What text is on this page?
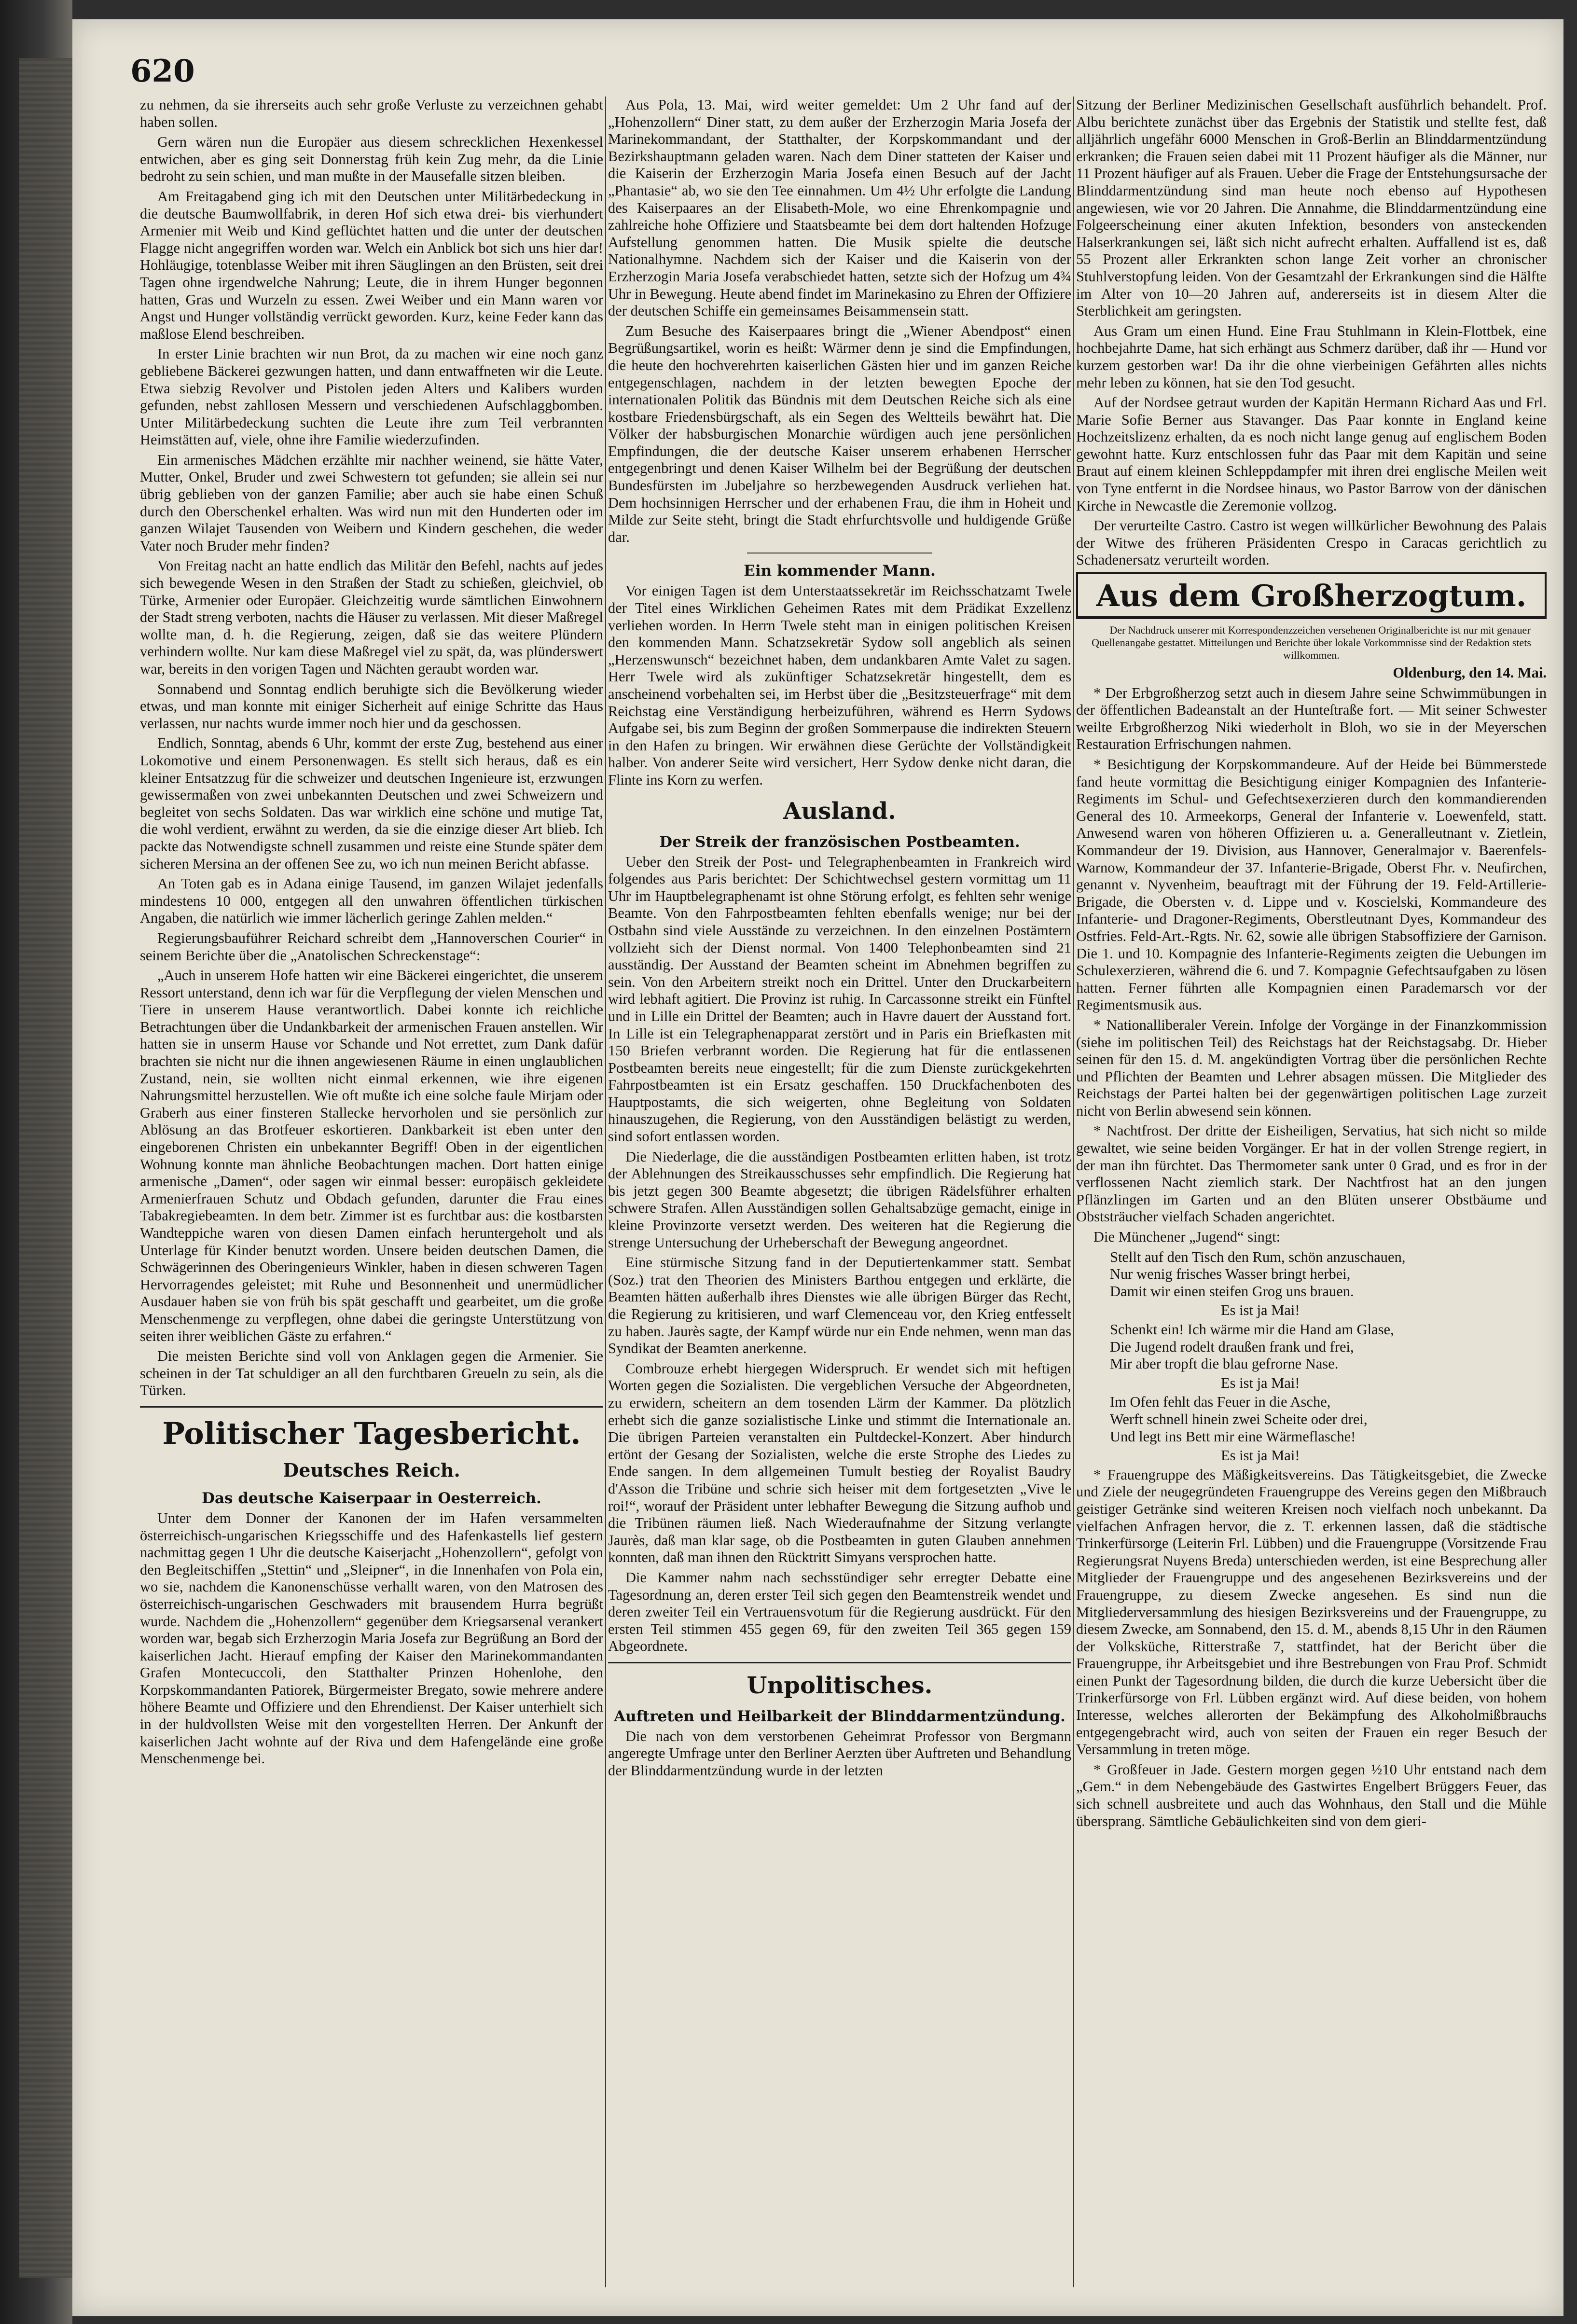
620

zu nehmen, da sie ihrerseits auch sehr große Verluste zu verzeichnen gehabt haben sollen.

Gern wären nun die Europäer aus diesem schrecklichen Hexenkessel entwichen, aber es ging seit Donnerstag früh kein Zug mehr, da die Linie bedroht zu sein schien, und man mußte in der Mausefalle sitzen bleiben.

Am Freitagabend ging ich mit den Deutschen unter Militärbedeckung in die deutsche Baumwollfabrik, in deren Hof sich etwa drei- bis vierhundert Armenier mit Weib und Kind geflüchtet hatten und die unter der deutschen Flagge nicht angegriffen worden war. Welch ein Anblick bot sich uns hier dar! Hohläugige, totenblasse Weiber mit ihren Säuglingen an den Brüsten, seit drei Tagen ohne irgendwelche Nahrung; Leute, die in ihrem Hunger begonnen hatten, Gras und Wurzeln zu essen. Zwei Weiber und ein Mann waren vor Angst und Hunger vollständig verrückt geworden. Kurz, keine Feder kann das maßlose Elend beschreiben.

In erster Linie brachten wir nun Brot, da zu machen wir eine noch ganz gebliebene Bäckerei gezwungen hatten, und dann entwaffneten wir die Leute. Etwa siebzig Revolver und Pistolen jeden Alters und Kalibers wurden gefunden, nebst zahllosen Messern und verschiedenen Aufschlaggbomben. Unter Militärbedeckung suchten die Leute ihre zum Teil verbrannten Heimstätten auf, viele, ohne ihre Familie wiederzufinden.

Ein armenisches Mädchen erzählte mir nachher weinend, sie hätte Vater, Mutter, Onkel, Bruder und zwei Schwestern tot gefunden; sie allein sei nur übrig geblieben von der ganzen Familie; aber auch sie habe einen Schuß durch den Oberschenkel erhalten. Was wird nun mit den Hunderten oder im ganzen Wilajet Tausenden von Weibern und Kindern geschehen, die weder Vater noch Bruder mehr finden?

Von Freitag nacht an hatte endlich das Militär den Befehl, nachts auf jedes sich bewegende Wesen in den Straßen der Stadt zu schießen, gleichviel, ob Türke, Armenier oder Europäer. Gleichzeitig wurde sämtlichen Einwohnern der Stadt streng verboten, nachts die Häuser zu verlassen. Mit dieser Maßregel wollte man, d. h. die Regierung, zeigen, daß sie das weitere Plündern verhindern wollte. Nur kam diese Maßregel viel zu spät, da, was plünderswert war, bereits in den vorigen Tagen und Nächten geraubt worden war.

Sonnabend und Sonntag endlich beruhigte sich die Bevölkerung wieder etwas, und man konnte mit einiger Sicherheit auf einige Schritte das Haus verlassen, nur nachts wurde immer noch hier und da geschossen.

Endlich, Sonntag, abends 6 Uhr, kommt der erste Zug, bestehend aus einer Lokomotive und einem Personenwagen. Es stellt sich heraus, daß es ein kleiner Entsatzzug für die schweizer und deutschen Ingenieure ist, erzwungen gewissermaßen von zwei unbekannten Deutschen und zwei Schweizern und begleitet von sechs Soldaten. Das war wirklich eine schöne und mutige Tat, die wohl verdient, erwähnt zu werden, da sie die einzige dieser Art blieb. Ich packte das Notwendigste schnell zusammen und reiste eine Stunde später dem sicheren Mersina an der offenen See zu, wo ich nun meinen Bericht abfasse.

An Toten gab es in Adana einige Tausend, im ganzen Wilajet jedenfalls mindestens 10 000, entgegen all den unwahren öffentlichen türkischen Angaben, die natürlich wie immer lächerlich geringe Zahlen melden.“

Regierungsbauführer Reichard schreibt dem „Hannoverschen Courier“ in seinem Berichte über die „Anatolischen Schreckenstage“:

„Auch in unserem Hofe hatten wir eine Bäckerei eingerichtet, die unserem Ressort unterstand, denn ich war für die Verpflegung der vielen Menschen und Tiere in unserem Hause verantwortlich. Dabei konnte ich reichliche Betrachtungen über die Undankbarkeit der armenischen Frauen anstellen. Wir hatten sie in unserm Hause vor Schande und Not errettet, zum Dank dafür brachten sie nicht nur die ihnen angewiesenen Räume in einen unglaublichen Zustand, nein, sie wollten nicht einmal erkennen, wie ihre eigenen Nahrungsmittel herzustellen. Wie oft mußte ich eine solche faule Mirjam oder Graberh aus einer finsteren Stallecke hervorholen und sie persönlich zur Ablösung an das Brotfeuer eskortieren. Dankbarkeit ist eben unter den eingeborenen Christen ein unbekannter Begriff! Oben in der eigentlichen Wohnung konnte man ähnliche Beobachtungen machen. Dort hatten einige armenische „Damen“, oder sagen wir einmal besser: europäisch gekleidete Armenierfrauen Schutz und Obdach gefunden, darunter die Frau eines Tabakregiebeamten. In dem betr. Zimmer ist es furchtbar aus: die kostbarsten Wandteppiche waren von diesen Damen einfach heruntergeholt und als Unterlage für Kinder benutzt worden. Unsere beiden deutschen Damen, die Schwägerinnen des Oberingenieurs Winkler, haben in diesen schweren Tagen Hervorragendes geleistet; mit Ruhe und Besonnenheit und unermüdlicher Ausdauer haben sie von früh bis spät geschafft und gearbeitet, um die große Menschenmenge zu verpflegen, ohne dabei die geringste Unterstützung von seiten ihrer weiblichen Gäste zu erfahren.“

Die meisten Berichte sind voll von Anklagen gegen die Armenier. Sie scheinen in der Tat schuldiger an all den furchtbaren Greueln zu sein, als die Türken.

Politischer Tagesbericht.
Deutsches Reich.
Das deutsche Kaiserpaar in Oesterreich.

Unter dem Donner der Kanonen der im Hafen versammelten österreichisch-ungarischen Kriegsschiffe und des Hafenkastells lief gestern nachmittag gegen 1 Uhr die deutsche Kaiserjacht „Hohenzollern“, gefolgt von den Begleitschiffen „Stettin“ und „Sleipner“, in die Innenhafen von Pola ein, wo sie, nachdem die Kanonenschüsse verhallt waren, von den Matrosen des österreichisch-ungarischen Geschwaders mit brausendem Hurra begrüßt wurde. Nachdem die „Hohenzollern“ gegenüber dem Kriegsarsenal verankert worden war, begab sich Erzherzogin Maria Josefa zur Begrüßung an Bord der kaiserlichen Jacht. Hierauf empfing der Kaiser den Marinekommandanten Grafen Montecuccoli, den Statthalter Prinzen Hohenlohe, den Korpskommandanten Patiorek, Bürgermeister Bregato, sowie mehrere andere höhere Beamte und Offiziere und den Ehrendienst. Der Kaiser unterhielt sich in der huldvollsten Weise mit den vorgestellten Herren. Der Ankunft der kaiserlichen Jacht wohnte auf der Riva und dem Hafengelände eine große Menschenmenge bei.

Aus Pola, 13. Mai, wird weiter gemeldet: Um 2 Uhr fand auf der „Hohenzollern“ Diner statt, zu dem außer der Erzherzogin Maria Josefa der Marinekommandant, der Statthalter, der Korpskommandant und der Bezirkshauptmann geladen waren. Nach dem Diner statteten der Kaiser und die Kaiserin der Erzherzogin Maria Josefa einen Besuch auf der Jacht „Phantasie“ ab, wo sie den Tee einnahmen. Um 4½ Uhr erfolgte die Landung des Kaiserpaares an der Elisabeth-Mole, wo eine Ehrenkompagnie und zahlreiche hohe Offiziere und Staatsbeamte bei dem dort haltenden Hofzuge Aufstellung genommen hatten. Die Musik spielte die deutsche Nationalhymne. Nachdem sich der Kaiser und die Kaiserin von der Erzherzogin Maria Josefa verabschiedet hatten, setzte sich der Hofzug um 4¾ Uhr in Bewegung. Heute abend findet im Marinekasino zu Ehren der Offiziere der deutschen Schiffe ein gemeinsames Beisammensein statt.

Zum Besuche des Kaiserpaares bringt die „Wiener Abendpost“ einen Begrüßungsartikel, worin es heißt: Wärmer denn je sind die Empfindungen, die heute den hochverehrten kaiserlichen Gästen hier und im ganzen Reiche entgegenschlagen, nachdem in der letzten bewegten Epoche der internationalen Politik das Bündnis mit dem Deutschen Reiche sich als eine kostbare Friedensbürgschaft, als ein Segen des Weltteils bewährt hat. Die Völker der habsburgischen Monarchie würdigen auch jene persönlichen Empfindungen, die der deutsche Kaiser unserem erhabenen Herrscher entgegenbringt und denen Kaiser Wilhelm bei der Begrüßung der deutschen Bundesfürsten im Jubeljahre so herzbewegenden Ausdruck verliehen hat. Dem hochsinnigen Herrscher und der erhabenen Frau, die ihm in Hoheit und Milde zur Seite steht, bringt die Stadt ehrfurchtsvolle und huldigende Grüße dar.

Ein kommender Mann.

Vor einigen Tagen ist dem Unterstaatssekretär im Reichsschatzamt Twele der Titel eines Wirklichen Geheimen Rates mit dem Prädikat Exzellenz verliehen worden. In Herrn Twele steht man in einigen politischen Kreisen den kommenden Mann. Schatzsekretär Sydow soll angeblich als seinen „Herzenswunsch“ bezeichnet haben, dem undankbaren Amte Valet zu sagen. Herr Twele wird als zukünftiger Schatzsekretär hingestellt, dem es anscheinend vorbehalten sei, im Herbst über die „Besitzsteuerfrage“ mit dem Reichstag eine Verständigung herbeizuführen, während es Herrn Sydows Aufgabe sei, bis zum Beginn der großen Sommerpause die indirekten Steuern in den Hafen zu bringen. Wir erwähnen diese Gerüchte der Vollständigkeit halber. Von anderer Seite wird versichert, Herr Sydow denke nicht daran, die Flinte ins Korn zu werfen.

Ausland.
Der Streik der französischen Postbeamten.

Ueber den Streik der Post- und Telegraphenbeamten in Frankreich wird folgendes aus Paris berichtet: Der Schichtwechsel gestern vormittag um 11 Uhr im Hauptbelegraphenamt ist ohne Störung erfolgt, es fehlten sehr wenige Beamte. Von den Fahrpostbeamten fehlten ebenfalls wenige; nur bei der Ostbahn sind viele Ausstände zu verzeichnen. In den einzelnen Postämtern vollzieht sich der Dienst normal. Von 1400 Telephonbeamten sind 21 ausständig. Der Ausstand der Beamten scheint im Abnehmen begriffen zu sein. Von den Arbeitern streikt noch ein Drittel. Unter den Druckarbeitern wird lebhaft agitiert. Die Provinz ist ruhig. In Carcassonne streikt ein Fünftel und in Lille ein Drittel der Beamten; auch in Havre dauert der Ausstand fort. In Lille ist ein Telegraphenapparat zerstört und in Paris ein Briefkasten mit 150 Briefen verbrannt worden. Die Regierung hat für die entlassenen Postbeamten bereits neue eingestellt; für die zum Dienste zurückgekehrten Fahrpostbeamten ist ein Ersatz geschaffen. 150 Druckfachenboten des Hauptpostamts, die sich weigerten, ohne Begleitung von Soldaten hinauszugehen, die Regierung, von den Ausständigen belästigt zu werden, sind sofort entlassen worden.

Die Niederlage, die die ausständigen Postbeamten erlitten haben, ist trotz der Ablehnungen des Streikausschusses sehr empfindlich. Die Regierung hat bis jetzt gegen 300 Beamte abgesetzt; die übrigen Rädelsführer erhalten schwere Strafen. Allen Ausständigen sollen Gehaltsabzüge gemacht, einige in kleine Provinzorte versetzt werden. Des weiteren hat die Regierung die strenge Untersuchung der Urheberschaft der Bewegung angeordnet.

Eine stürmische Sitzung fand in der Deputiertenkammer statt. Sembat (Soz.) trat den Theorien des Ministers Barthou entgegen und erklärte, die Beamten hätten außerhalb ihres Dienstes wie alle übrigen Bürger das Recht, die Regierung zu kritisieren, und warf Clemenceau vor, den Krieg entfesselt zu haben. Jaurès sagte, der Kampf würde nur ein Ende nehmen, wenn man das Syndikat der Beamten anerkenne.

Combrouze erhebt hiergegen Widerspruch. Er wendet sich mit heftigen Worten gegen die Sozialisten. Die vergeblichen Versuche der Abgeordneten, zu erwidern, scheitern an dem tosenden Lärm der Kammer. Da plötzlich erhebt sich die ganze sozialistische Linke und stimmt die Internationale an. Die übrigen Parteien veranstalten ein Pultdeckel-Konzert. Aber hindurch ertönt der Gesang der Sozialisten, welche die erste Strophe des Liedes zu Ende sangen. In dem allgemeinen Tumult bestieg der Royalist Baudry d'Asson die Tribüne und schrie sich heiser mit dem fortgesetzten „Vive le roi!“, worauf der Präsident unter lebhafter Bewegung die Sitzung aufhob und die Tribünen räumen ließ. Nach Wiederaufnahme der Sitzung verlangte Jaurès, daß man klar sage, ob die Postbeamten in guten Glauben annehmen konnten, daß man ihnen den Rücktritt Simyans versprochen hatte.

Die Kammer nahm nach sechsstündiger sehr erregter Debatte eine Tagesordnung an, deren erster Teil sich gegen den Beamtenstreik wendet und deren zweiter Teil ein Vertrauensvotum für die Regierung ausdrückt. Für den ersten Teil stimmen 455 gegen 69, für den zweiten Teil 365 gegen 159 Abgeordnete.

Unpolitisches.
Auftreten und Heilbarkeit der Blinddarmentzündung.

Die nach von dem verstorbenen Geheimrat Professor von Bergmann angeregte Umfrage unter den Berliner Aerzten über Auftreten und Behandlung der Blinddarmentzündung wurde in der letzten

Sitzung der Berliner Medizinischen Gesellschaft ausführlich behandelt. Prof. Albu berichtete zunächst über das Ergebnis der Statistik und stellte fest, daß alljährlich ungefähr 6000 Menschen in Groß-Berlin an Blinddarmentzündung erkranken; die Frauen seien dabei mit 11 Prozent häufiger als die Männer, nur 11 Prozent häufiger auf als Frauen. Ueber die Frage der Entstehungsursache der Blinddarmentzündung sind man heute noch ebenso auf Hypothesen angewiesen, wie vor 20 Jahren. Die Annahme, die Blinddarmentzündung eine Folgeerscheinung einer akuten Infektion, besonders von ansteckenden Halserkrankungen sei, läßt sich nicht aufrecht erhalten. Auffallend ist es, daß 55 Prozent aller Erkrankten schon lange Zeit vorher an chronischer Stuhlverstopfung leiden. Von der Gesamtzahl der Erkrankungen sind die Hälfte im Alter von 10—20 Jahren auf, andererseits ist in diesem Alter die Sterblichkeit am geringsten.

Aus Gram um einen Hund. Eine Frau Stuhlmann in Klein-Flottbek, eine hochbejahrte Dame, hat sich erhängt aus Schmerz darüber, daß ihr — Hund vor kurzem gestorben war! Da ihr die ohne vierbeinigen Gefährten alles nichts mehr leben zu können, hat sie den Tod gesucht.

Auf der Nordsee getraut wurden der Kapitän Hermann Richard Aas und Frl. Marie Sofie Berner aus Stavanger. Das Paar konnte in England keine Hochzeitslizenz erhalten, da es noch nicht lange genug auf englischem Boden gewohnt hatte. Kurz entschlossen fuhr das Paar mit dem Kapitän und seine Braut auf einem kleinen Schleppdampfer mit ihren drei englische Meilen weit von Tyne entfernt in die Nordsee hinaus, wo Pastor Barrow von der dänischen Kirche in Newcastle die Zeremonie vollzog.

Der verurteilte Castro. Castro ist wegen willkürlicher Bewohnung des Palais der Witwe des früheren Präsidenten Crespo in Caracas gerichtlich zu Schadenersatz verurteilt worden.

Aus dem Großherzogtum.

Der Nachdruck unserer mit Korrespondenzzeichen versehenen Originalberichte ist nur mit genauer Quellenangabe gestattet. Mitteilungen und Berichte über lokale Vorkommnisse sind der Redaktion stets willkommen.

Oldenburg, den 14. Mai.

* Der Erbgroßherzog setzt auch in diesem Jahre seine Schwimmübungen in der öffentlichen Badeanstalt an der Hunteſtraße fort. — Mit seiner Schwester weilte Erbgroßherzog Niki wiederholt in Bloh, wo sie in der Meyerschen Restauration Erfrischungen nahmen.

* Besichtigung der Korpskommandeure. Auf der Heide bei Bümmerstede fand heute vormittag die Besichtigung einiger Kompagnien des Infanterie-Regiments im Schul- und Gefechtsexerzieren durch den kommandierenden General des 10. Armeekorps, General der Infanterie v. Loewenfeld, statt. Anwesend waren von höheren Offizieren u. a. Generalleutnant v. Zietlein, Kommandeur der 19. Division, aus Hannover, Generalmajor v. Baerenfels-Warnow, Kommandeur der 37. Infanterie-Brigade, Oberst Fhr. v. Neufirchen, genannt v. Nyvenheim, beauftragt mit der Führung der 19. Feld-Artillerie-Brigade, die Obersten v. d. Lippe und v. Koscielski, Kommandeure des Infanterie- und Dragoner-Regiments, Oberstleutnant Dyes, Kommandeur des Ostfries. Feld-Art.-Rgts. Nr. 62, sowie alle übrigen Stabsoffiziere der Garnison. Die 1. und 10. Kompagnie des Infanterie-Regiments zeigten die Uebungen im Schulexerzieren, während die 6. und 7. Kompagnie Gefechtsaufgaben zu lösen hatten. Ferner führten alle Kompagnien einen Parademarsch vor der Regimentsmusik aus.

* Nationalliberaler Verein. Infolge der Vorgänge in der Finanzkommission (siehe im politischen Teil) des Reichstags hat der Reichstagsabg. Dr. Hieber seinen für den 15. d. M. angekündigten Vortrag über die persönlichen Rechte und Pflichten der Beamten und Lehrer absagen müssen. Die Mitglieder des Reichstags der Partei halten bei der gegenwärtigen politischen Lage zurzeit nicht von Berlin abwesend sein können.

* Nachtfrost. Der dritte der Eisheiligen, Servatius, hat sich nicht so milde gewaltet, wie seine beiden Vorgänger. Er hat in der vollen Strenge regiert, in der man ihn fürchtet. Das Thermometer sank unter 0 Grad, und es fror in der verflossenen Nacht ziemlich stark. Der Nachtfrost hat an den jungen Pflänzlingen im Garten und an den Blüten unserer Obstbäume und Obststräucher vielfach Schaden angerichtet.

Die Münchener „Jugend“ singt:

Stellt auf den Tisch den Rum, schön anzuschauen,
Nur wenig frisches Wasser bringt herbei,
Damit wir einen steifen Grog uns brauen.

Es ist ja Mai!

Schenkt ein! Ich wärme mir die Hand am Glase,
Die Jugend rodelt draußen frank und frei,
Mir aber tropft die blau gefrorne Nase.

Es ist ja Mai!

Im Ofen fehlt das Feuer in die Asche,
Werft schnell hinein zwei Scheite oder drei,
Und legt ins Bett mir eine Wärmeflasche!

Es ist ja Mai!

* Frauengruppe des Mäßigkeitsvereins. Das Tätigkeitsgebiet, die Zwecke und Ziele der neugegründeten Frauengruppe des Vereins gegen den Mißbrauch geistiger Getränke sind weiteren Kreisen noch vielfach noch unbekannt. Da vielfachen Anfragen hervor, die z. T. erkennen lassen, daß die städtische Trinkerfürsorge (Leiterin Frl. Lübben) und die Frauengruppe (Vorsitzende Frau Regierungsrat Nuyens Breda) unterschieden werden, ist eine Besprechung aller Mitglieder der Frauengruppe und des angesehenen Bezirksvereins und der Frauengruppe, zu diesem Zwecke angesehen. Es sind nun die Mitgliederversammlung des hiesigen Bezirksvereins und der Frauengruppe, zu diesem Zwecke, am Sonnabend, den 15. d. M., abends 8,15 Uhr in den Räumen der Volksküche, Ritterstraße 7, stattfindet, hat der Bericht über die Frauengruppe, ihr Arbeitsgebiet und ihre Bestrebungen von Frau Prof. Schmidt einen Punkt der Tagesordnung bilden, die durch die kurze Uebersicht über die Trinkerfürsorge von Frl. Lübben ergänzt wird. Auf diese beiden, von hohem Interesse, welches allerorten der Bekämpfung des Alkoholmißbrauchs entgegengebracht wird, auch von seiten der Frauen ein reger Besuch der Versammlung in treten möge.

* Großfeuer in Jade. Gestern morgen gegen ½10 Uhr entstand nach dem „Gem.“ in dem Nebengebäude des Gastwirtes Engelbert Brüggers Feuer, das sich schnell ausbreitete und auch das Wohnhaus, den Stall und die Mühle übersprang. Sämtliche Gebäulichkeiten sind von dem gieri-
